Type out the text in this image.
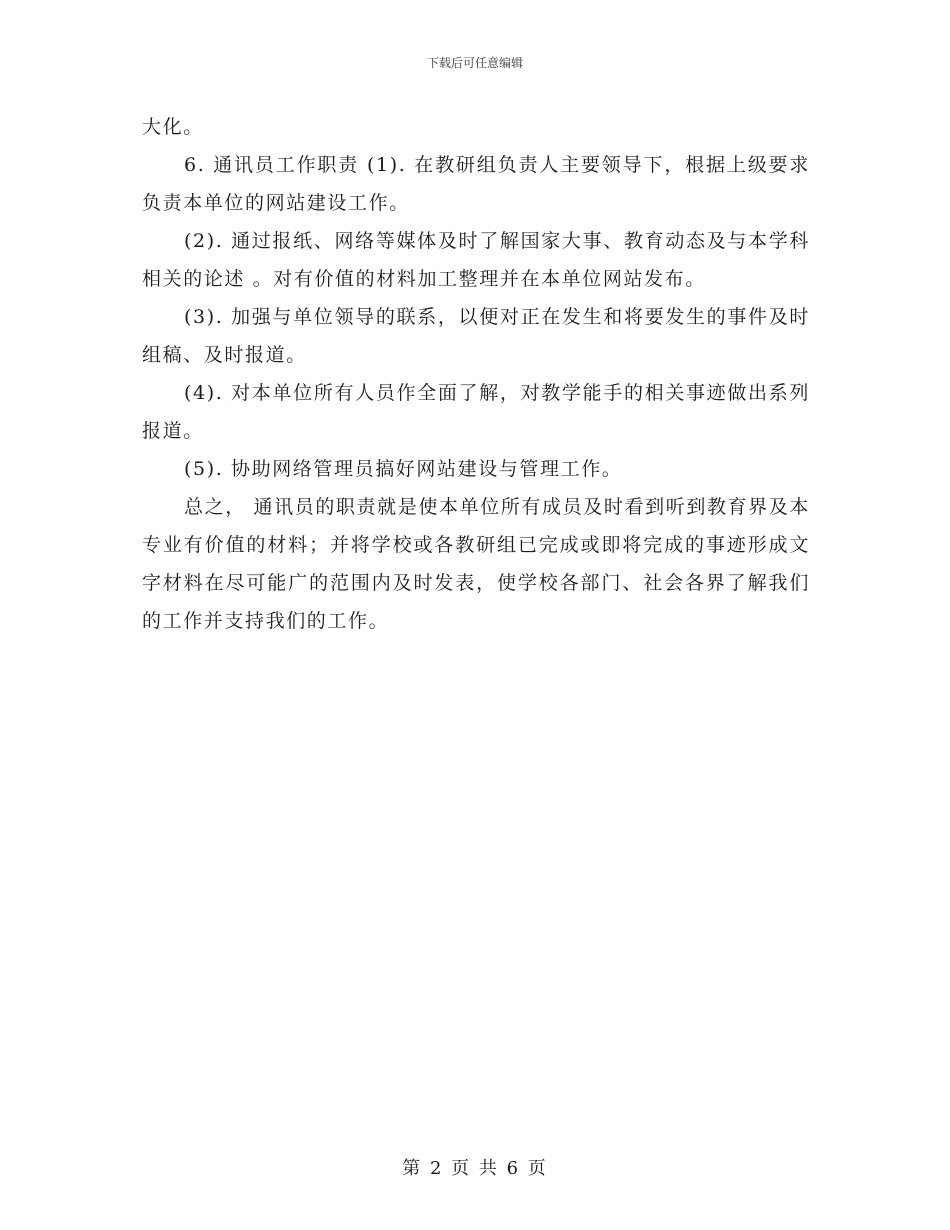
下载后可任意编辑

大化。

6. 通讯员工作职责 (1). 在教研组负责人主要领导下，根据上级要求负责本单位的网站建设工作。

(2). 通过报纸、网络等媒体及时了解国家大事、教育动态及与本学科相关的论述 。对有价值的材料加工整理并在本单位网站发布。

(3). 加强与单位领导的联系，以便对正在发生和将要发生的事件及时组稿、及时报道。

(4). 对本单位所有人员作全面了解，对教学能手的相关事迹做出系列报道。

(5). 协助网络管理员搞好网站建设与管理工作。

总之， 通讯员的职责就是使本单位所有成员及时看到听到教育界及本专业有价值的材料；并将学校或各教研组已完成或即将完成的事迹形成文字材料在尽可能广的范围内及时发表，使学校各部门、社会各界了解我们的工作并支持我们的工作。

第 2 页 共 6 页
